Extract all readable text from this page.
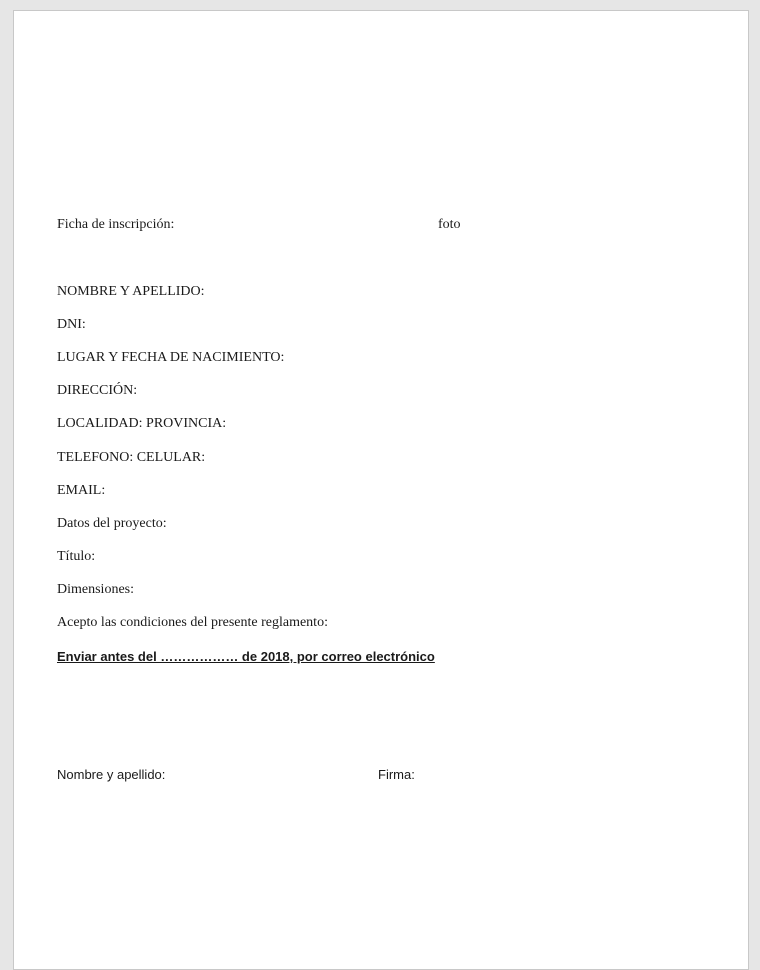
Ficha de inscripción:	foto
NOMBRE Y APELLIDO:
DNI:
LUGAR Y FECHA DE NACIMIENTO:
DIRECCIÓN:
LOCALIDAD: PROVINCIA:
TELEFONO: CELULAR:
EMAIL:
Datos del proyecto:
Título:
Dimensiones:
Acepto las condiciones del presente reglamento:
Enviar antes del ……………… de 2018, por correo electrónico
Nombre y apellido:	Firma:
